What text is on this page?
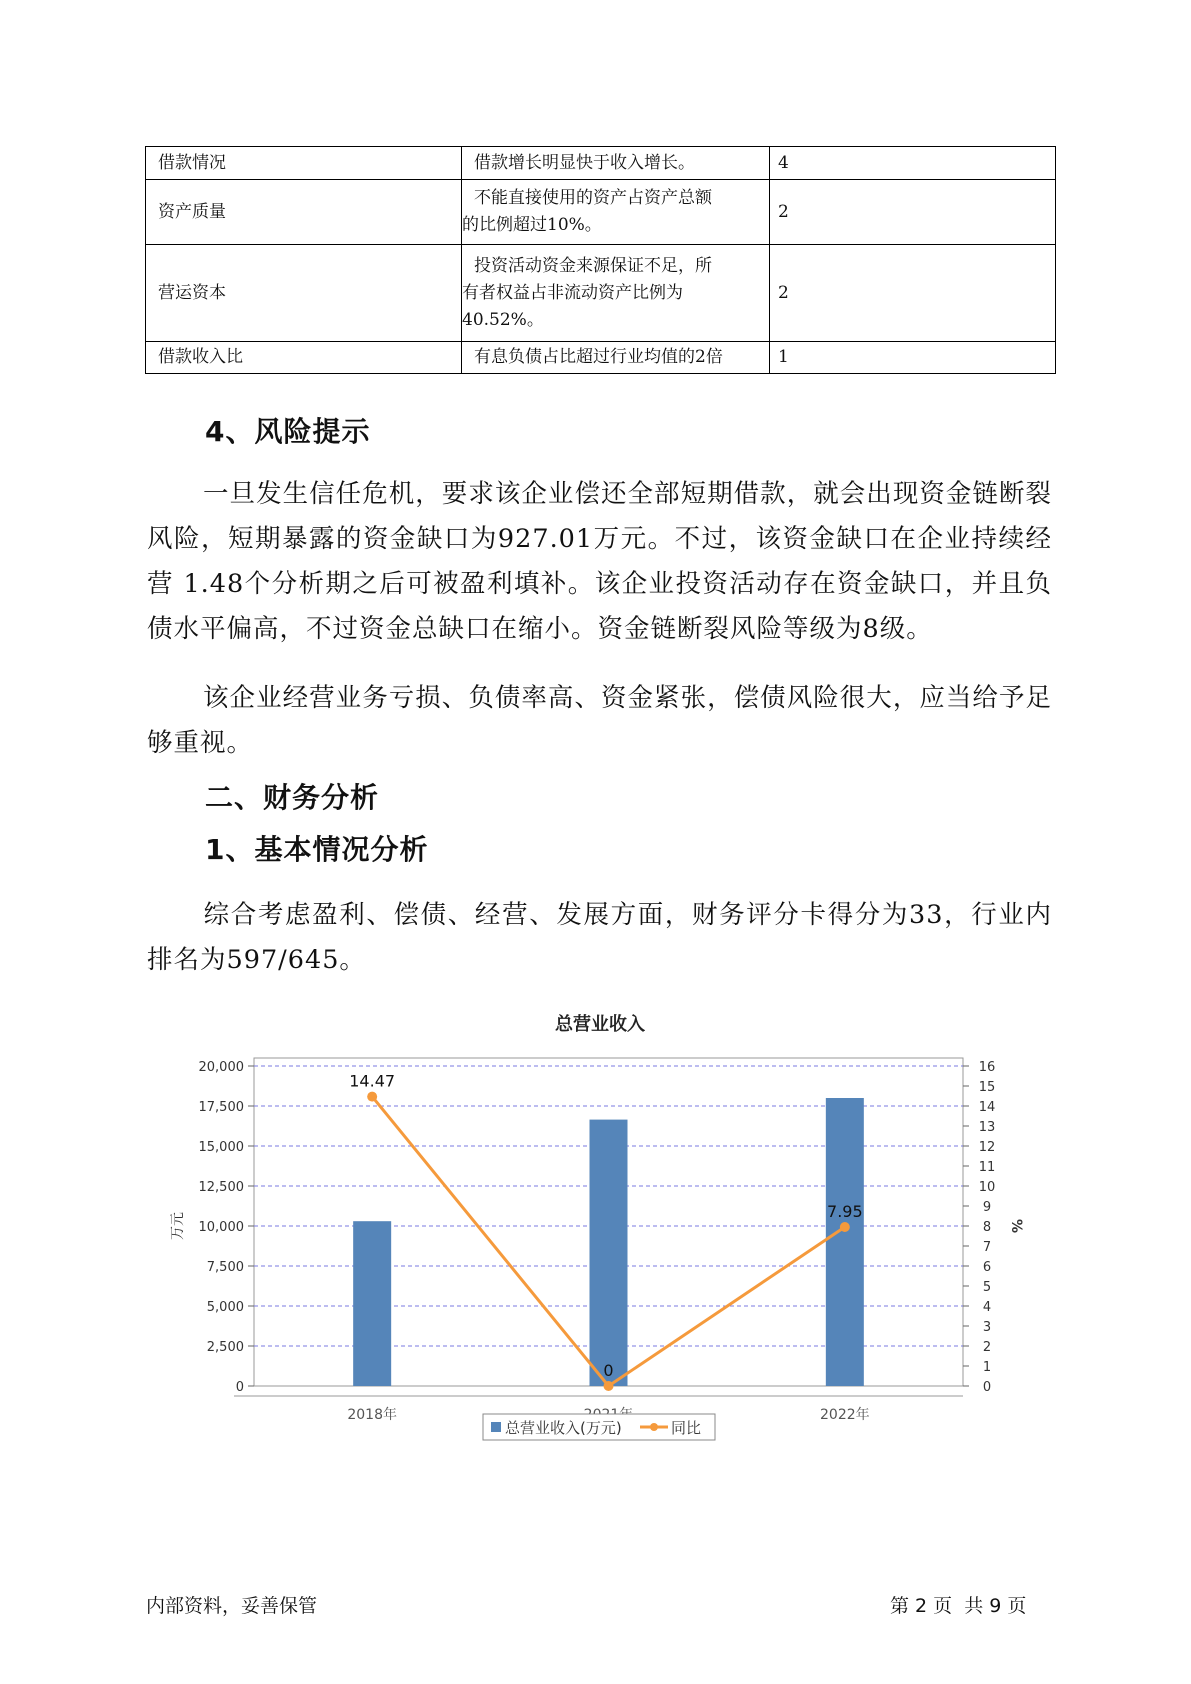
借款情况	借款增长明显快于收入增长。	4
资产质量	不能直接使用的资产占资产总额
的比例超过10%。	2
营运资本	投资活动资金来源保证不足，所
有者权益占非流动资产比例为
40.52%。	2
借款收入比	有息负债占比超过行业均值的2倍	1
4、风险提示
一旦发生信任危机，要求该企业偿还全部短期借款，就会出现资金链断裂风险，短期暴露的资金缺口为927.01万元。不过，该资金缺口在企业持续经营 1.48个分析期之后可被盈利填补。该企业投资活动存在资金缺口，并且负债水平偏高，不过资金总缺口在缩小。资金链断裂风险等级为8级。
该企业经营业务亏损、负债率高、资金紧张，偿债风险很大，应当给予足够重视。
二、财务分析
1、基本情况分析
综合考虑盈利、偿债、经营、发展方面，财务评分卡得分为33，行业内排名为597/645。
总营业收入
0
2,500
5,000
7,500
10,000
12,500
15,000
17,500
20,000
0
1
2
3
4
5
6
7
8
9
10
11
12
13
14
15
16
万元	%
2018年	2022年
14.47
0
7.95
总营业收入(万元)	同比
内部资料，妥善保管	第 2 页  共 9 页
